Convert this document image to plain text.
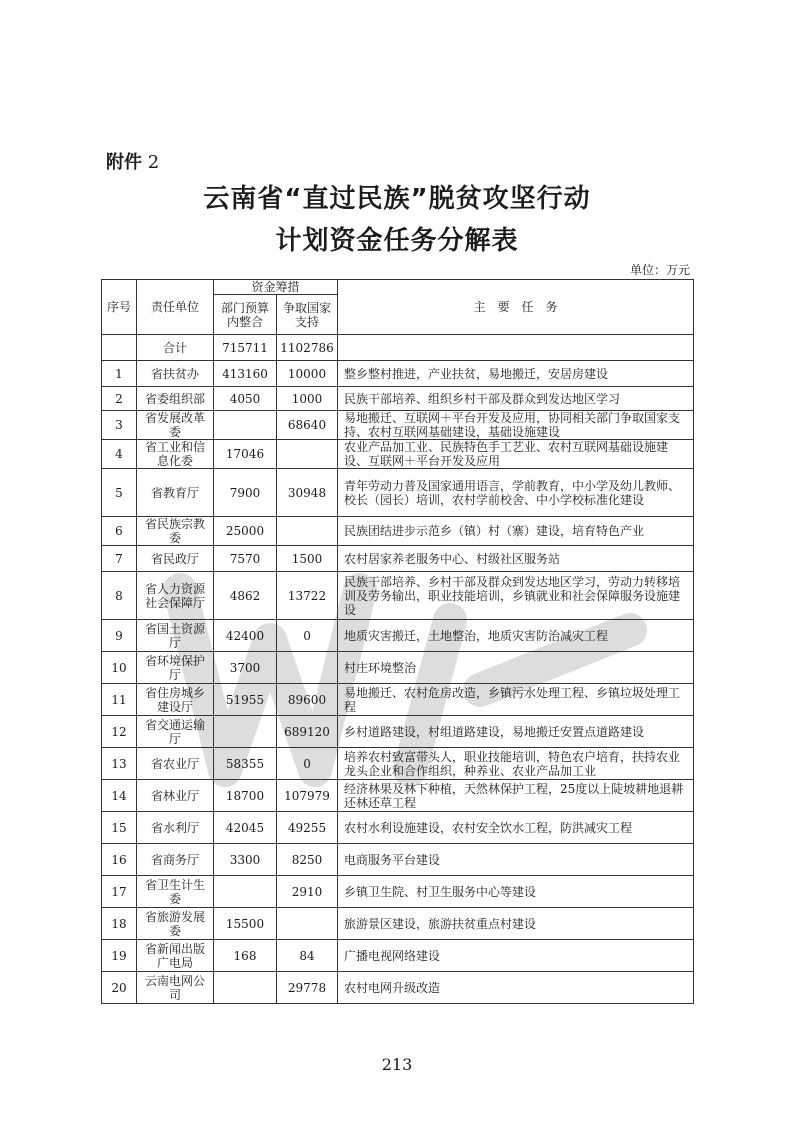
附件 2
云南省“直过民族”脱贫攻坚行动
计划资金任务分解表
单位：万元
序号	责任单位	资金筹措		主　要　任　务
		部门预算内整合	争取国家支持	
	合计	715711	1102786	
1	省扶贫办	413160	10000	整乡整村推进，产业扶贫，易地搬迁，安居房建设
2	省委组织部	4050	1000	民族干部培养、组织乡村干部及群众到发达地区学习
3	省发展改革委		68640	易地搬迁、互联网＋平台开发及应用，协同相关部门争取国家支持、农村互联网基础建设，基础设施建设
4	省工业和信息化委	17046		农业产品加工业、民族特色手工艺业、农村互联网基础设施建设、互联网＋平台开发及应用
5	省教育厅	7900	30948	青年劳动力普及国家通用语言，学前教育，中小学及幼儿教师、校长（园长）培训，农村学前校舍、中小学校标准化建设
6	省民族宗教委	25000		民族团结进步示范乡（镇）村（寨）建设，培育特色产业
7	省民政厅	7570	1500	农村居家养老服务中心、村级社区服务站
8	省人力资源社会保障厅	4862	13722	民族干部培养、乡村干部及群众到发达地区学习，劳动力转移培训及劳务输出，职业技能培训，乡镇就业和社会保障服务设施建设
9	省国土资源厅	42400	0	地质灾害搬迁，土地整治，地质灾害防治减灾工程
10	省环境保护厅	3700		村庄环境整治
11	省住房城乡建设厅	51955	89600	易地搬迁、农村危房改造，乡镇污水处理工程、乡镇垃圾处理工程
12	省交通运输厅		689120	乡村道路建设，村组道路建设，易地搬迁安置点道路建设
13	省农业厅	58355	0	培养农村致富带头人，职业技能培训，特色农户培育，扶持农业龙头企业和合作组织，种养业、农业产品加工业
14	省林业厅	18700	107979	经济林果及林下种植，天然林保护工程，25度以上陡坡耕地退耕还林还草工程
15	省水利厅	42045	49255	农村水利设施建设，农村安全饮水工程，防洪减灾工程
16	省商务厅	3300	8250	电商服务平台建设
17	省卫生计生委		2910	乡镇卫生院、村卫生服务中心等建设
18	省旅游发展委	15500		旅游景区建设，旅游扶贫重点村建设
19	省新闻出版广电局	168	84	广播电视网络建设
20	云南电网公司		29778	农村电网升级改造
213
